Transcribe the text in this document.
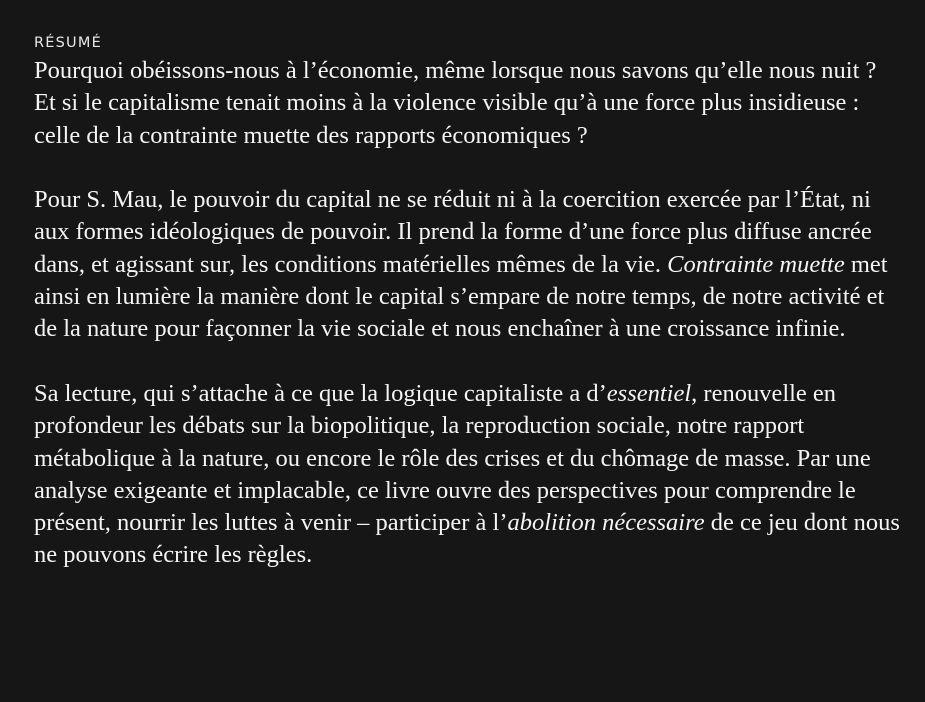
RÉSUMÉ

Pourquoi obéissons-nous à l’économie, même lorsque nous savons qu’elle nous nuit ? Et si le capitalisme tenait moins à la violence visible qu’à une force plus insidieuse : celle de la contrainte muette des rapports économiques ?

Pour S. Mau, le pouvoir du capital ne se réduit ni à la coercition exercée par l’État, ni aux formes idéologiques de pouvoir. Il prend la forme d’une force plus diffuse ancrée dans, et agissant sur, les conditions matérielles mêmes de la vie. Contrainte muette met ainsi en lumière la manière dont le capital s’empare de notre temps, de notre activité et de la nature pour façonner la vie sociale et nous enchaîner à une croissance infinie.

Sa lecture, qui s’attache à ce que la logique capitaliste a d’essentiel, renouvelle en profondeur les débats sur la biopolitique, la reproduction sociale, notre rapport métabolique à la nature, ou encore le rôle des crises et du chômage de masse. Par une analyse exigeante et implacable, ce livre ouvre des perspectives pour comprendre le présent, nourrir les luttes à venir – participer à l’abolition nécessaire de ce jeu dont nous ne pouvons écrire les règles.
